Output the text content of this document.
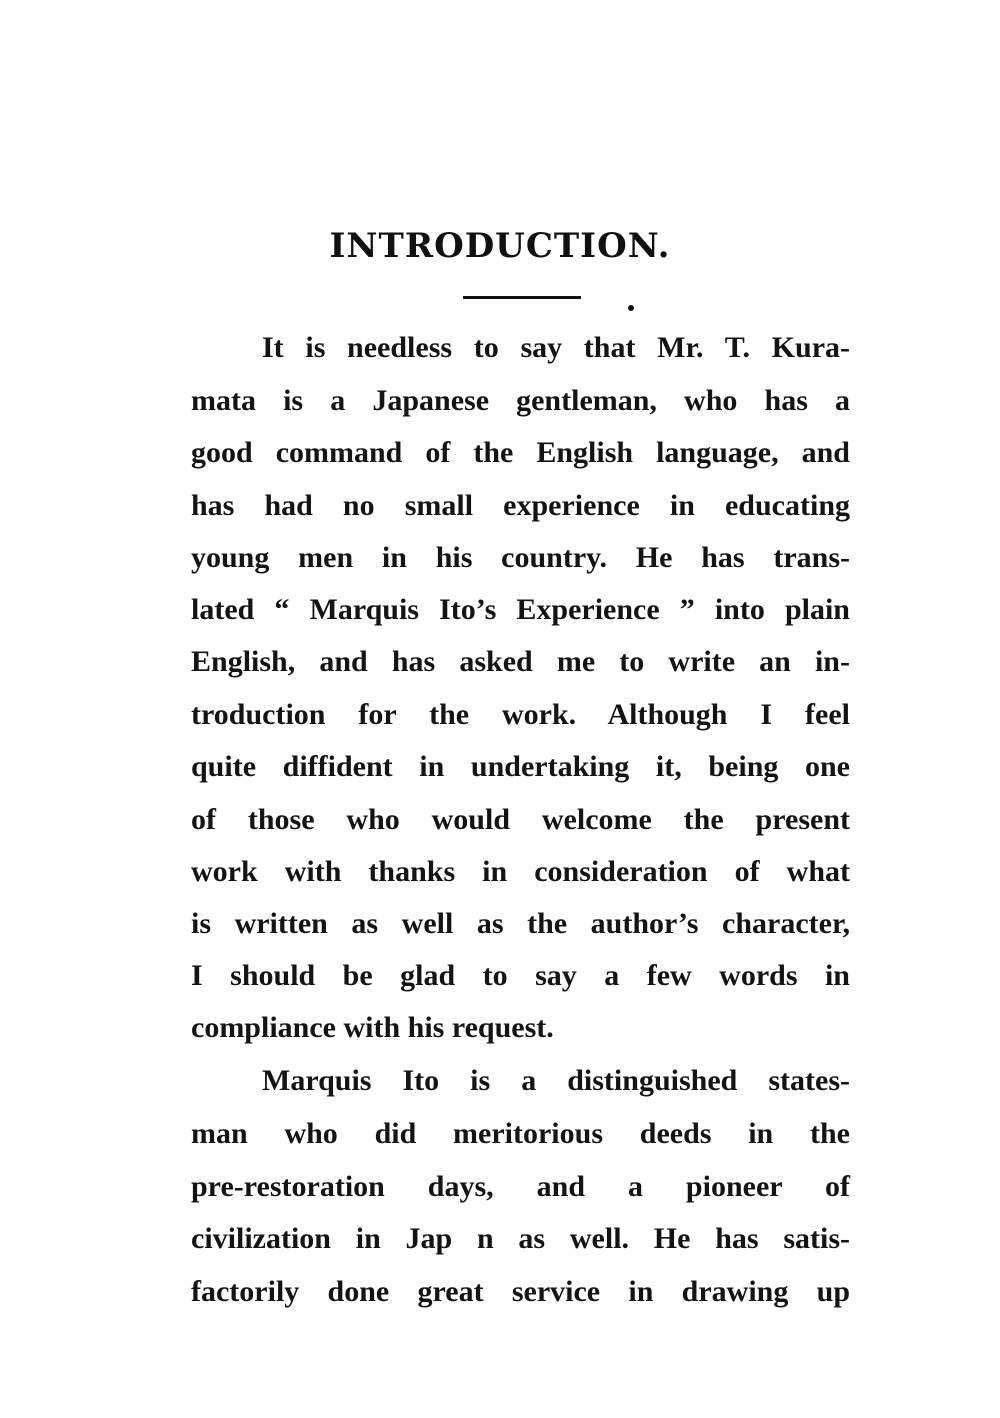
INTRODUCTION.
It is needless to say that Mr. T. Kura-
mata is a Japanese gentleman, who has a
good command of the English language, and
has had no small experience in educating
young men in his country. He has trans-
lated “ Marquis Ito’s Experience ” into plain
English, and has asked me to write an in-
troduction for the work. Although I feel
quite diffident in undertaking it, being one
of those who would welcome the present
work with thanks in consideration of what
is written as well as the author’s character,
I should be glad to say a few words in
compliance with his request.
Marquis Ito is a distinguished states-
man who did meritorious deeds in the
pre-restoration days, and a pioneer of
civilization in Jap n as well. He has satis-
factorily done great service in drawing up
